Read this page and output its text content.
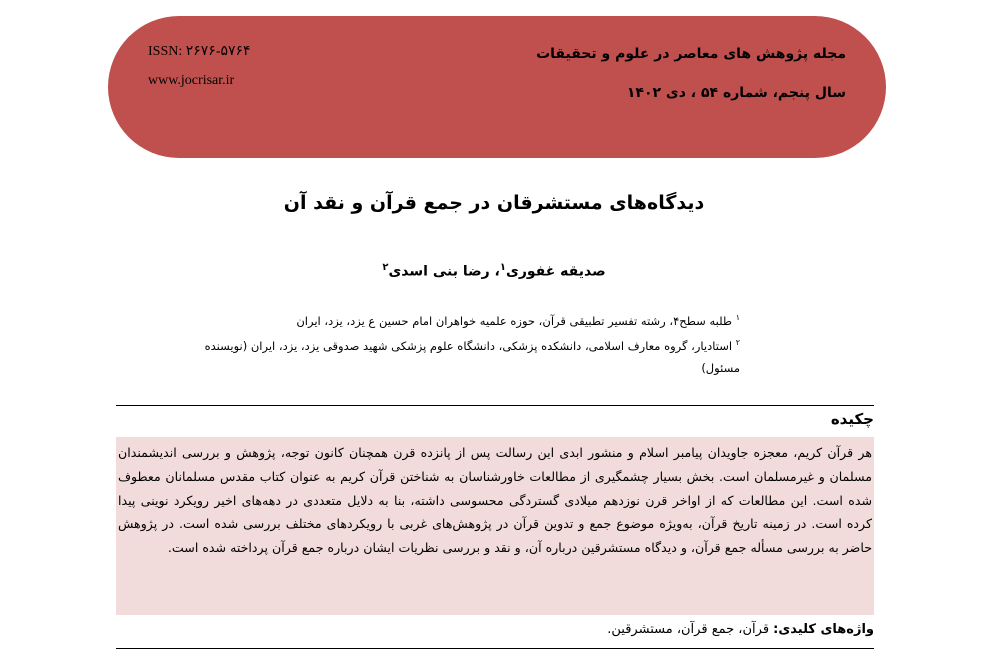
مجله پژوهش های معاصر در علوم و تحقیقات
سال پنجم، شماره ۵۴ ، دی ۱۴۰۲
ISSN: ۲۶۷۶-۵۷۶۴
www.jocrisar.ir
دیدگاه‌های مستشرقان در جمع قرآن و نقد آن
صدیقه غفوری$^۱$، رضا بنی اسدی$^۲$
$^۱$ طلبه سطح۴، رشته تفسیر تطبیقی قرآن، حوزه علمیه خواهران امام حسین ع یزد، یزد، ایران
$^۲$ استادیار، گروه معارف اسلامی، دانشکده پزشکی، دانشگاه علوم پزشکی شهید صدوقی یزد، یزد، ایران (نویسنده مسئول)
چکیده

هر قرآن کریم، معجزه جاویدان پیامبر اسلام و منشور ابدی این رسالت پس از پانزده قرن همچنان کانون توجه، پژوهش و بررسی اندیشمندان مسلمان و غیرمسلمان است. بخش بسیار چشمگیری از مطالعات خاورشناسان به شناختن قرآن کریم به عنوان کتاب مقدس مسلمانان معطوف شده است. این مطالعات که از اواخر قرن نوزدهم میلادی گستردگی محسوسی داشته، بنا به دلایل متعددی در دهه‌های اخیر رویکرد نوینی پیدا کرده است. در زمینه تاریخ قرآن، به‌ویژه موضوع جمع و تدوین قرآن در پژوهش‌های غربی با رویکردهای مختلف بررسی شده است. در پژوهش حاضر به بررسی مسأله جمع قرآن، و دیدگاه مستشرقین درباره آن، و نقد و بررسی نظریات ایشان درباره جمع قرآن پرداخته شده است.

واژه‌های کلیدی: قرآن، جمع قرآن، مستشرقین.
